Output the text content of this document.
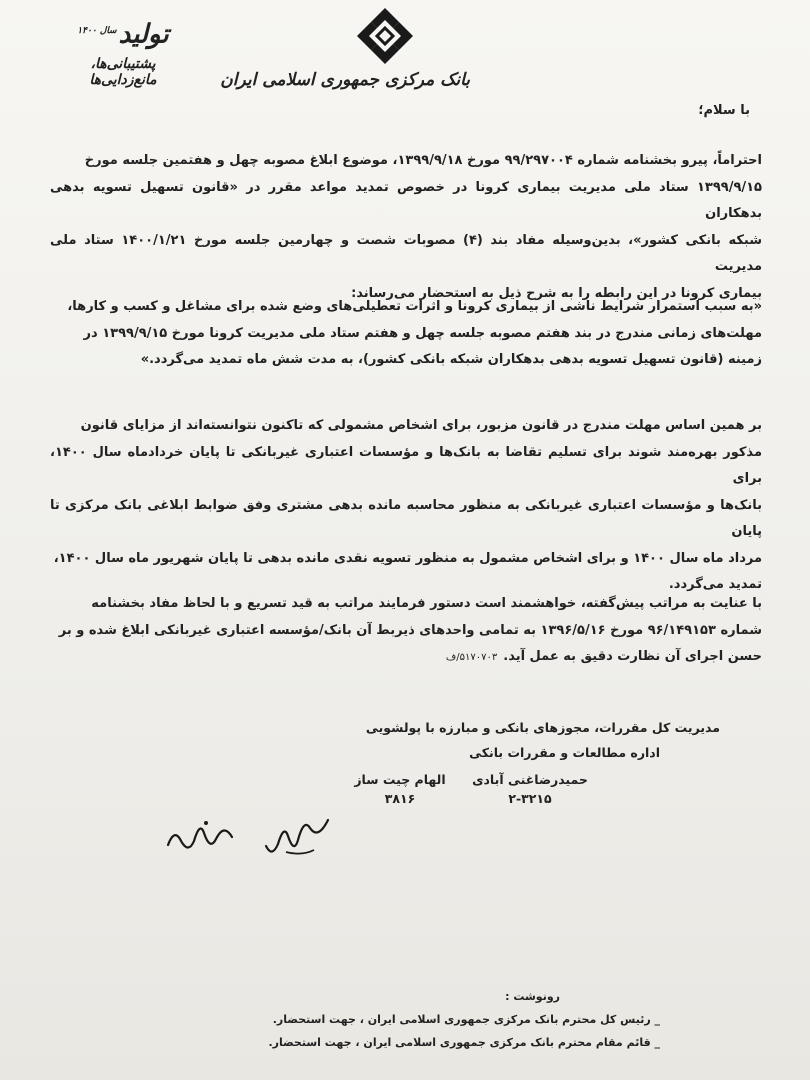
بانک مرکزی جمهوری اسلامی ایران
تولید$^{سال ۱۴۰۰}$
پشتیبانی‌ها، مانع‌زدایی‌ها
با سلام؛
احتراماً، پیرو بخشنامه شماره ۹۹/۲۹۷۰۰۴ مورخ ۱۳۹۹/۹/۱۸، موضوع ابلاغ مصوبه چهل و هفتمین جلسه مورخ
۱۳۹۹/۹/۱۵ ستاد ملی مدیریت بیماری کرونا در خصوص تمدید مواعد مقرر در «قانون تسهیل تسویه بدهی بدهکاران
شبکه بانکی کشور»، بدین‌وسیله مفاد بند (۴) مصوبات شصت و چهارمین جلسه مورخ ۱۴۰۰/۱/۲۱ ستاد ملی مدیریت
بیماری کرونا در این رابطه را به شرح ذیل به استحضار می‌رساند:
«به سبب استمرار شرایط ناشی از بیماری کرونا و اثرات تعطیلی‌های وضع شده برای مشاغل و کسب و کارها،
مهلت‌های زمانی مندرج در بند هفتم مصوبه جلسه چهل و هفتم ستاد ملی مدیریت کرونا مورخ ۱۳۹۹/۹/۱۵ در
زمینه (قانون تسهیل تسویه بدهی بدهکاران شبکه بانکی کشور)، به مدت شش ماه تمدید می‌گردد.»
بر همین اساس مهلت مندرج در قانون مزبور، برای اشخاص مشمولی که تاکنون نتوانسته‌اند از مزایای قانون
مذکور بهره‌مند شوند برای تسلیم تقاضا به بانک‌ها و مؤسسات اعتباری غیربانکی تا پایان خردادماه سال ۱۴۰۰، برای
بانک‌ها و مؤسسات اعتباری غیربانکی به منظور محاسبه مانده بدهی مشتری وفق ضوابط ابلاغی بانک مرکزی تا پایان
مرداد ماه سال ۱۴۰۰ و برای اشخاص مشمول به منظور تسویه نقدی مانده بدهی تا پایان شهریور ماه سال ۱۴۰۰،
تمدید می‌گردد.
با عنایت به مراتب پیش‌گفته، خواهشمند است دستور فرمایند مراتب به قید تسریع و با لحاظ مفاد بخشنامه
شماره ۹۶/۱۴۹۱۵۳ مورخ ۱۳۹۶/۵/۱۶ به تمامی واحدهای ذیربط آن بانک/مؤسسه اعتباری غیربانکی ابلاغ شده و بر
حسن اجرای آن نظارت دقیق به عمل آید.۵۱۷۰۷۰۳/ف
مدیریت کل مقررات، مجوزهای بانکی و مبارزه با پولشویی
اداره مطالعات و مقررات بانکی
حمیدرضاغنی آبادی
۲-۳۲۱۵
الهام چیت ساز
۳۸۱۶
رونوشت :
_ رئیس کل محترم بانک مرکزی جمهوری اسلامی ایران ، جهت استحضار.
_ قائم مقام محترم بانک مرکزی جمهوری اسلامی ایران ، جهت استحضار.
